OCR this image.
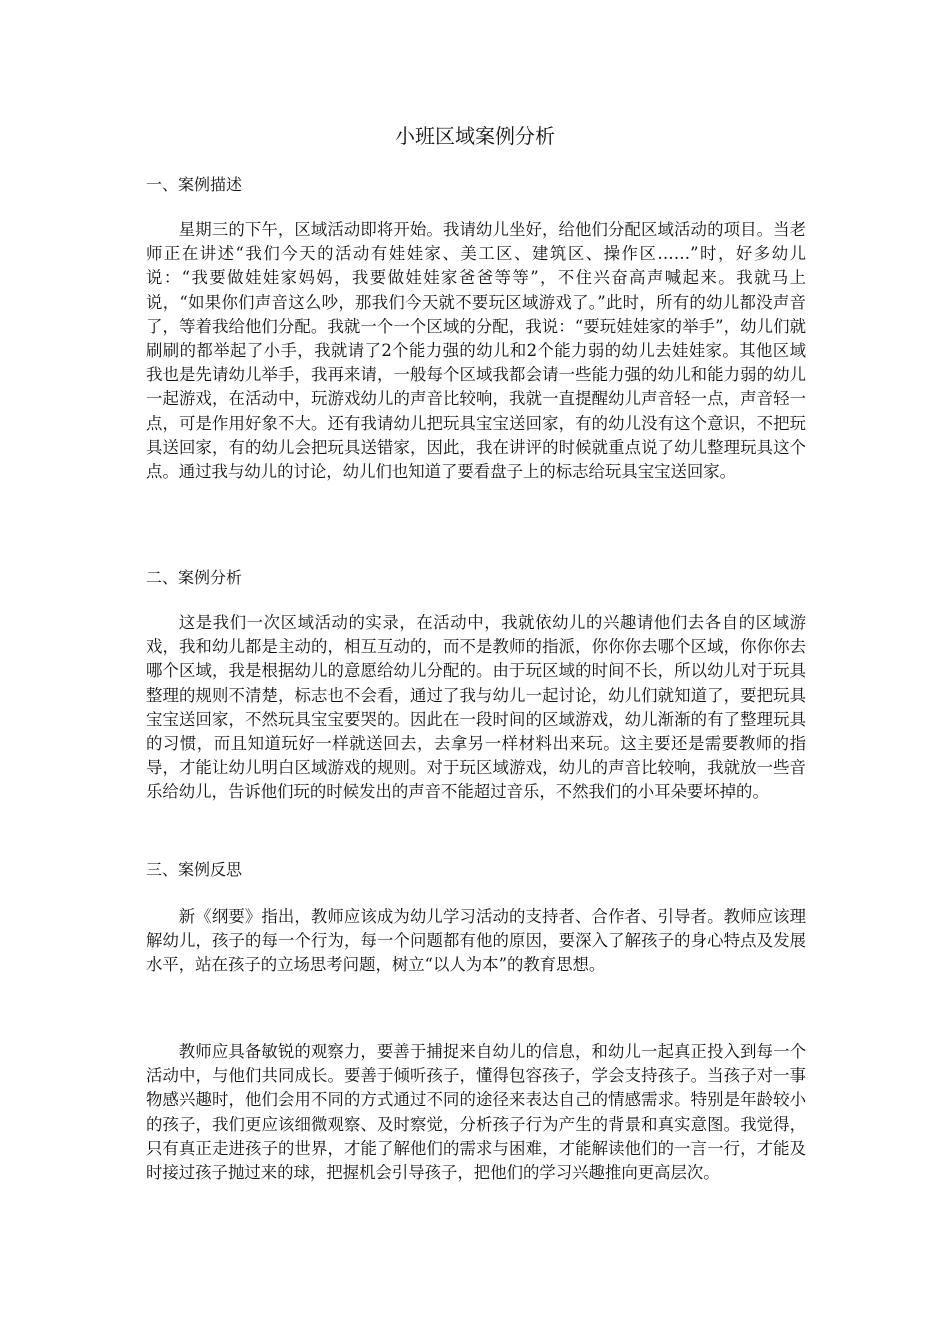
小班区域案例分析
一、案例描述

星期三的下午，区域活动即将开始。我请幼儿坐好，给他们分配区域活动的项目。当老师正在讲述“我们今天的活动有娃娃家、美工区、建筑区、操作区……”时，好多幼儿说：“我要做娃娃家妈妈，我要做娃娃家爸爸等等”，不住兴奋高声喊起来。我就马上说，“如果你们声音这么吵，那我们今天就不要玩区域游戏了。”此时，所有的幼儿都没声音了，等着我给他们分配。我就一个一个区域的分配，我说：“要玩娃娃家的举手”，幼儿们就刷刷的都举起了小手，我就请了2个能力强的幼儿和2个能力弱的幼儿去娃娃家。其他区域我也是先请幼儿举手，我再来请，一般每个区域我都会请一些能力强的幼儿和能力弱的幼儿一起游戏，在活动中，玩游戏幼儿的声音比较响，我就一直提醒幼儿声音轻一点，声音轻一点，可是作用好象不大。还有我请幼儿把玩具宝宝送回家，有的幼儿没有这个意识，不把玩具送回家，有的幼儿会把玩具送错家，因此，我在讲评的时候就重点说了幼儿整理玩具这个点。通过我与幼儿的讨论，幼儿们也知道了要看盘子上的标志给玩具宝宝送回家。

二、案例分析

这是我们一次区域活动的实录，在活动中，我就依幼儿的兴趣请他们去各自的区域游戏，我和幼儿都是主动的，相互互动的，而不是教师的指派，你你你去哪个区域，你你你去哪个区域，我是根据幼儿的意愿给幼儿分配的。由于玩区域的时间不长，所以幼儿对于玩具整理的规则不清楚，标志也不会看，通过了我与幼儿一起讨论，幼儿们就知道了，要把玩具宝宝送回家，不然玩具宝宝要哭的。因此在一段时间的区域游戏，幼儿渐渐的有了整理玩具的习惯，而且知道玩好一样就送回去，去拿另一样材料出来玩。这主要还是需要教师的指导，才能让幼儿明白区域游戏的规则。对于玩区域游戏，幼儿的声音比较响，我就放一些音乐给幼儿，告诉他们玩的时候发出的声音不能超过音乐，不然我们的小耳朵要坏掉的。

三、案例反思

新《纲要》指出，教师应该成为幼儿学习活动的支持者、合作者、引导者。教师应该理解幼儿，孩子的每一个行为，每一个问题都有他的原因，要深入了解孩子的身心特点及发展水平，站在孩子的立场思考问题，树立“以人为本”的教育思想。

教师应具备敏锐的观察力，要善于捕捉来自幼儿的信息，和幼儿一起真正投入到每一个活动中，与他们共同成长。要善于倾听孩子，懂得包容孩子，学会支持孩子。当孩子对一事物感兴趣时，他们会用不同的方式通过不同的途径来表达自己的情感需求。特别是年龄较小的孩子，我们更应该细微观察、及时察觉，分析孩子行为产生的背景和真实意图。我觉得，只有真正走进孩子的世界，才能了解他们的需求与困难，才能解读他们的一言一行，才能及时接过孩子抛过来的球，把握机会引导孩子，把他们的学习兴趣推向更高层次。
